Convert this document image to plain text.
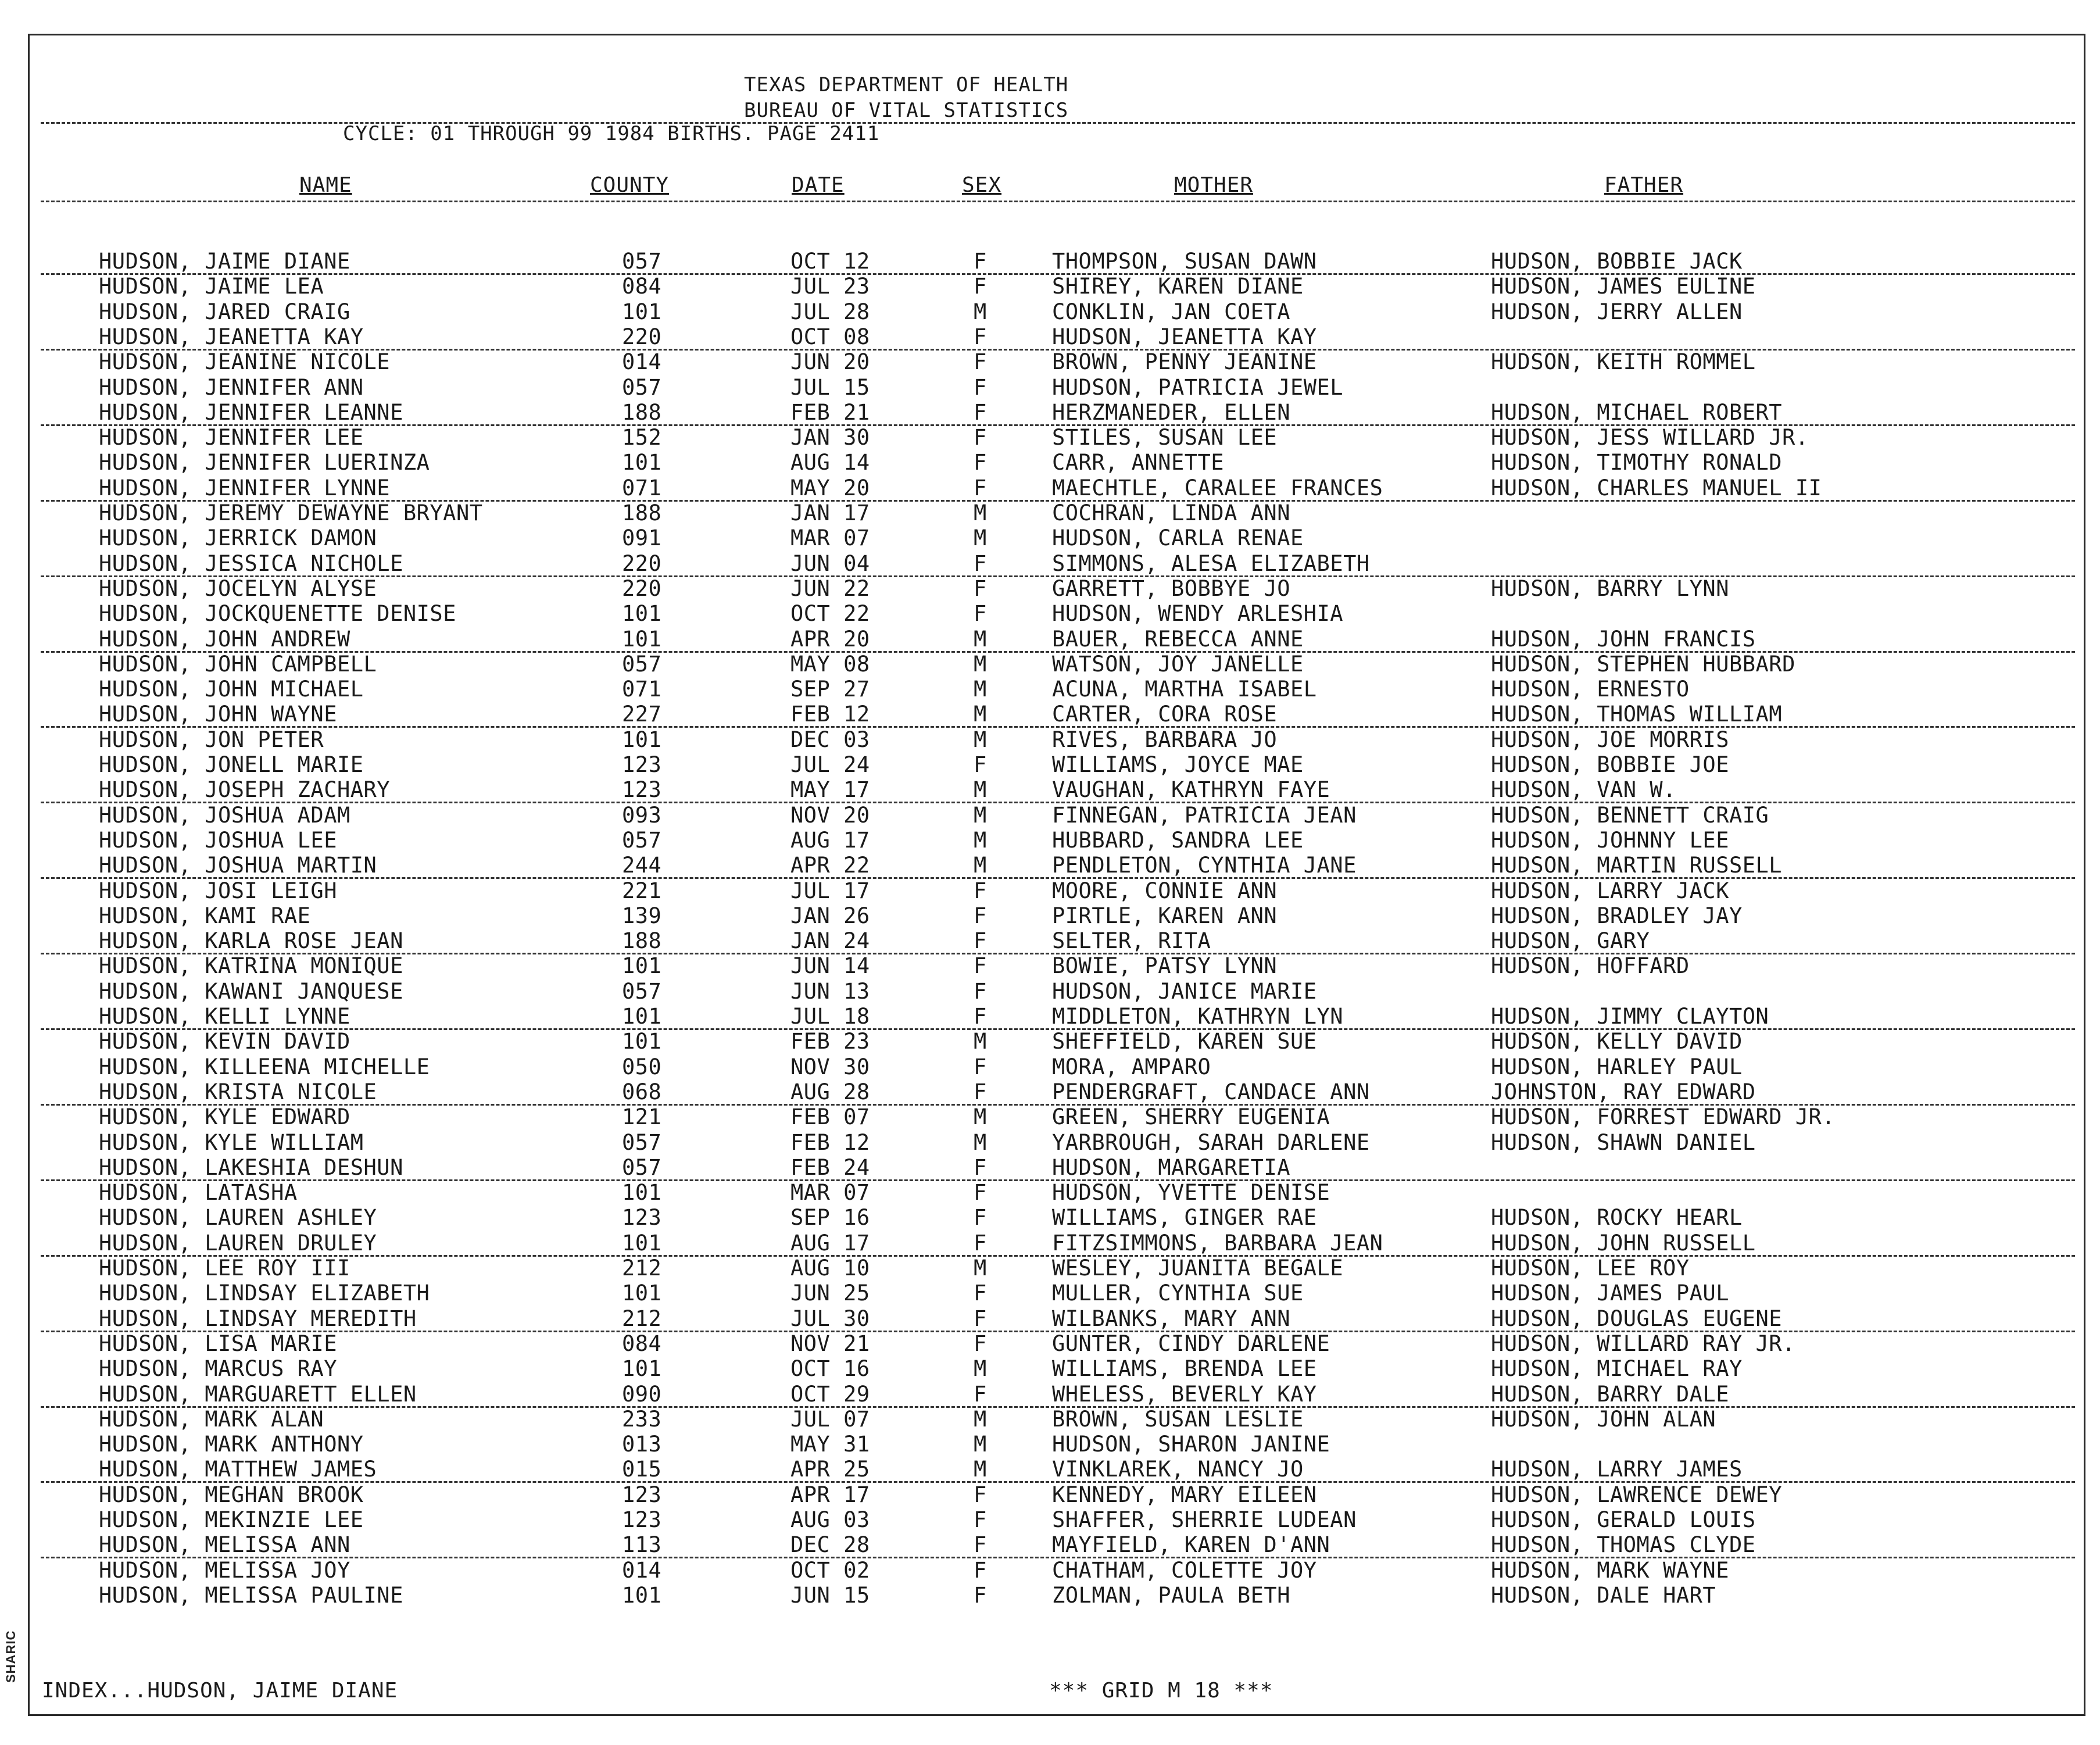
SHARIC
TEXAS DEPARTMENT OF HEALTH
BUREAU OF VITAL STATISTICS
CYCLE: 01 THROUGH 99 1984 BIRTHS. PAGE 2411
NAME	COUNTY	DATE	SEX	MOTHER	FATHER
HUDSON, JAIME DIANE	057	OCT 12	F	THOMPSON, SUSAN DAWN	HUDSON, BOBBIE JACK
HUDSON, JAIME LEA	084	JUL 23	F	SHIREY, KAREN DIANE	HUDSON, JAMES EULINE
HUDSON, JARED CRAIG	101	JUL 28	M	CONKLIN, JAN COETA	HUDSON, JERRY ALLEN
HUDSON, JEANETTA KAY	220	OCT 08	F	HUDSON, JEANETTA KAY
HUDSON, JEANINE NICOLE	014	JUN 20	F	BROWN, PENNY JEANINE	HUDSON, KEITH ROMMEL
HUDSON, JENNIFER ANN	057	JUL 15	F	HUDSON, PATRICIA JEWEL
HUDSON, JENNIFER LEANNE	188	FEB 21	F	HERZMANEDER, ELLEN	HUDSON, MICHAEL ROBERT
HUDSON, JENNIFER LEE	152	JAN 30	F	STILES, SUSAN LEE	HUDSON, JESS WILLARD JR.
HUDSON, JENNIFER LUERINZA	101	AUG 14	F	CARR, ANNETTE	HUDSON, TIMOTHY RONALD
HUDSON, JENNIFER LYNNE	071	MAY 20	F	MAECHTLE, CARALEE FRANCES	HUDSON, CHARLES MANUEL II
HUDSON, JEREMY DEWAYNE BRYANT	188	JAN 17	M	COCHRAN, LINDA ANN
HUDSON, JERRICK DAMON	091	MAR 07	M	HUDSON, CARLA RENAE
HUDSON, JESSICA NICHOLE	220	JUN 04	F	SIMMONS, ALESA ELIZABETH
HUDSON, JOCELYN ALYSE	220	JUN 22	F	GARRETT, BOBBYE JO	HUDSON, BARRY LYNN
HUDSON, JOCKQUENETTE DENISE	101	OCT 22	F	HUDSON, WENDY ARLESHIA
HUDSON, JOHN ANDREW	101	APR 20	M	BAUER, REBECCA ANNE	HUDSON, JOHN FRANCIS
HUDSON, JOHN CAMPBELL	057	MAY 08	M	WATSON, JOY JANELLE	HUDSON, STEPHEN HUBBARD
HUDSON, JOHN MICHAEL	071	SEP 27	M	ACUNA, MARTHA ISABEL	HUDSON, ERNESTO
HUDSON, JOHN WAYNE	227	FEB 12	M	CARTER, CORA ROSE	HUDSON, THOMAS WILLIAM
HUDSON, JON PETER	101	DEC 03	M	RIVES, BARBARA JO	HUDSON, JOE MORRIS
HUDSON, JONELL MARIE	123	JUL 24	F	WILLIAMS, JOYCE MAE	HUDSON, BOBBIE JOE
HUDSON, JOSEPH ZACHARY	123	MAY 17	M	VAUGHAN, KATHRYN FAYE	HUDSON, VAN W.
HUDSON, JOSHUA ADAM	093	NOV 20	M	FINNEGAN, PATRICIA JEAN	HUDSON, BENNETT CRAIG
HUDSON, JOSHUA LEE	057	AUG 17	M	HUBBARD, SANDRA LEE	HUDSON, JOHNNY LEE
HUDSON, JOSHUA MARTIN	244	APR 22	M	PENDLETON, CYNTHIA JANE	HUDSON, MARTIN RUSSELL
HUDSON, JOSI LEIGH	221	JUL 17	F	MOORE, CONNIE ANN	HUDSON, LARRY JACK
HUDSON, KAMI RAE	139	JAN 26	F	PIRTLE, KAREN ANN	HUDSON, BRADLEY JAY
HUDSON, KARLA ROSE JEAN	188	JAN 24	F	SELTER, RITA	HUDSON, GARY
HUDSON, KATRINA MONIQUE	101	JUN 14	F	BOWIE, PATSY LYNN	HUDSON, HOFFARD
HUDSON, KAWANI JANQUESE	057	JUN 13	F	HUDSON, JANICE MARIE
HUDSON, KELLI LYNNE	101	JUL 18	F	MIDDLETON, KATHRYN LYN	HUDSON, JIMMY CLAYTON
HUDSON, KEVIN DAVID	101	FEB 23	M	SHEFFIELD, KAREN SUE	HUDSON, KELLY DAVID
HUDSON, KILLEENA MICHELLE	050	NOV 30	F	MORA, AMPARO	HUDSON, HARLEY PAUL
HUDSON, KRISTA NICOLE	068	AUG 28	F	PENDERGRAFT, CANDACE ANN	JOHNSTON, RAY EDWARD
HUDSON, KYLE EDWARD	121	FEB 07	M	GREEN, SHERRY EUGENIA	HUDSON, FORREST EDWARD JR.
HUDSON, KYLE WILLIAM	057	FEB 12	M	YARBROUGH, SARAH DARLENE	HUDSON, SHAWN DANIEL
HUDSON, LAKESHIA DESHUN	057	FEB 24	F	HUDSON, MARGARETIA
HUDSON, LATASHA	101	MAR 07	F	HUDSON, YVETTE DENISE
HUDSON, LAUREN ASHLEY	123	SEP 16	F	WILLIAMS, GINGER RAE	HUDSON, ROCKY HEARL
HUDSON, LAUREN DRULEY	101	AUG 17	F	FITZSIMMONS, BARBARA JEAN	HUDSON, JOHN RUSSELL
HUDSON, LEE ROY III	212	AUG 10	M	WESLEY, JUANITA BEGALE	HUDSON, LEE ROY
HUDSON, LINDSAY ELIZABETH	101	JUN 25	F	MULLER, CYNTHIA SUE	HUDSON, JAMES PAUL
HUDSON, LINDSAY MEREDITH	212	JUL 30	F	WILBANKS, MARY ANN	HUDSON, DOUGLAS EUGENE
HUDSON, LISA MARIE	084	NOV 21	F	GUNTER, CINDY DARLENE	HUDSON, WILLARD RAY JR.
HUDSON, MARCUS RAY	101	OCT 16	M	WILLIAMS, BRENDA LEE	HUDSON, MICHAEL RAY
HUDSON, MARGUARETT ELLEN	090	OCT 29	F	WHELESS, BEVERLY KAY	HUDSON, BARRY DALE
HUDSON, MARK ALAN	233	JUL 07	M	BROWN, SUSAN LESLIE	HUDSON, JOHN ALAN
HUDSON, MARK ANTHONY	013	MAY 31	M	HUDSON, SHARON JANINE
HUDSON, MATTHEW JAMES	015	APR 25	M	VINKLAREK, NANCY JO	HUDSON, LARRY JAMES
HUDSON, MEGHAN BROOK	123	APR 17	F	KENNEDY, MARY EILEEN	HUDSON, LAWRENCE DEWEY
HUDSON, MEKINZIE LEE	123	AUG 03	F	SHAFFER, SHERRIE LUDEAN	HUDSON, GERALD LOUIS
HUDSON, MELISSA ANN	113	DEC 28	F	MAYFIELD, KAREN D'ANN	HUDSON, THOMAS CLYDE
HUDSON, MELISSA JOY	014	OCT 02	F	CHATHAM, COLETTE JOY	HUDSON, MARK WAYNE
HUDSON, MELISSA PAULINE	101	JUN 15	F	ZOLMAN, PAULA BETH	HUDSON, DALE HART
INDEX...HUDSON, JAIME DIANE	*** GRID M 18 ***
